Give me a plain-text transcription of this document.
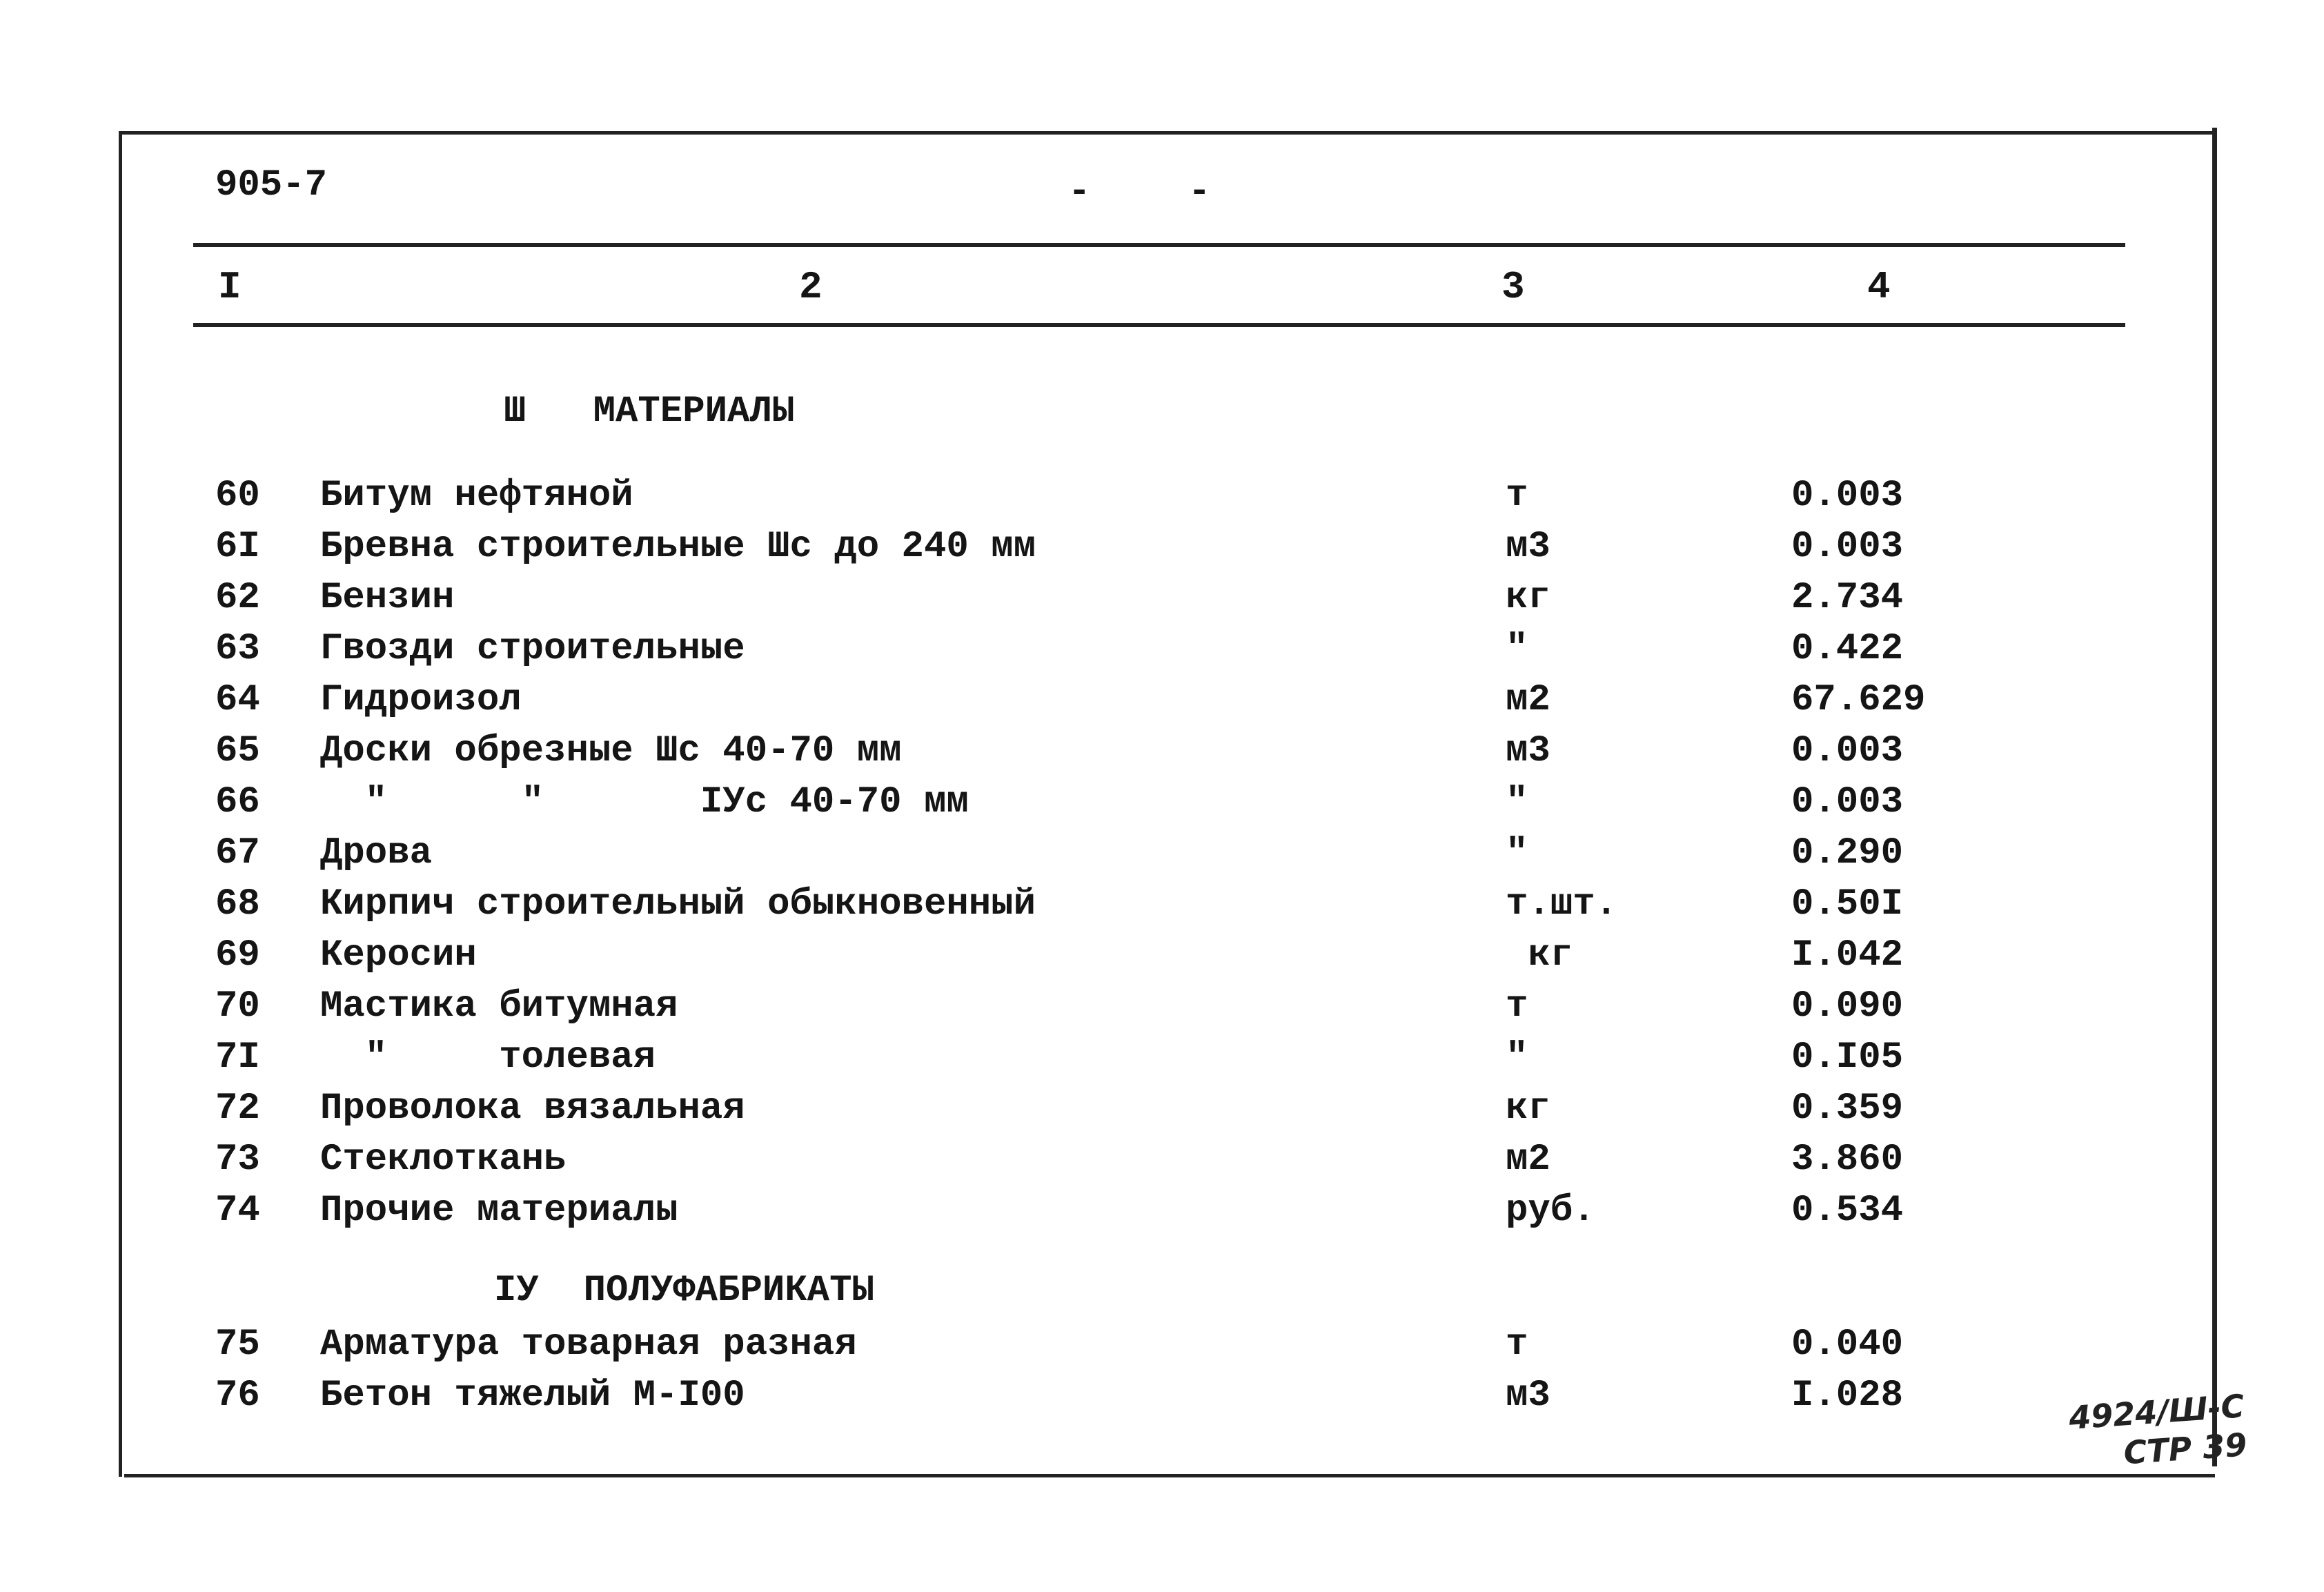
905-7	-	-
I	2	3	4
Ш   МАТЕРИАЛЫ
60 Битум нефтяной	т	0.003
6I Бревна строительные Шс до 240 мм	м3	0.003
62 Бензин	кг	2.734
63 Гвозди строительные	"	0.422
64 Гидроизол	м2	67.629
65 Доски обрезные Шс 40-70 мм	м3	0.003
66 "      "       IУс 40-70 мм	"	0.003
67 Дрова	"	0.290
68 Кирпич строительный обыкновенный	т.шт.	0.50I
69 Керосин	кг	I.042
70 Мастика битумная	т	0.090
7I "     толевая	"	0.I05
72 Проволока вязальная	кг	0.359
73 Стеклоткань	м2	3.860
74 Прочие материалы	руб.	0.534
IУ  ПОЛУФАБРИКАТЫ
75 Арматура товарная разная	т	0.040
76 Бетон тяжелый М-I00	м3	I.028	4924/Ш-С
СТР 39
